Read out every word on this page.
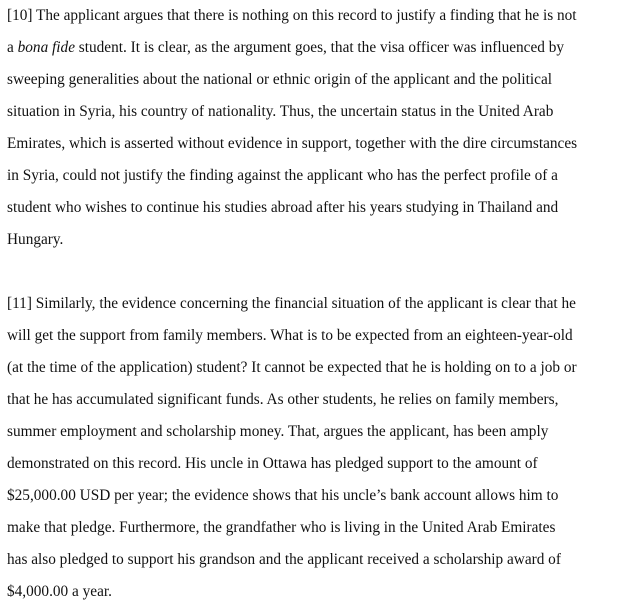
[10] The applicant argues that there is nothing on this record to justify a finding that he is not
a bona fide student. It is clear, as the argument goes, that the visa officer was influenced by
sweeping generalities about the national or ethnic origin of the applicant and the political
situation in Syria, his country of nationality. Thus, the uncertain status in the United Arab
Emirates, which is asserted without evidence in support, together with the dire circumstances
in Syria, could not justify the finding against the applicant who has the perfect profile of a
student who wishes to continue his studies abroad after his years studying in Thailand and
Hungary.
[11] Similarly, the evidence concerning the financial situation of the applicant is clear that he
will get the support from family members. What is to be expected from an eighteen-year-old
(at the time of the application) student? It cannot be expected that he is holding on to a job or
that he has accumulated significant funds. As other students, he relies on family members,
summer employment and scholarship money. That, argues the applicant, has been amply
demonstrated on this record. His uncle in Ottawa has pledged support to the amount of
$25,000.00 USD per year; the evidence shows that his uncle’s bank account allows him to
make that pledge. Furthermore, the grandfather who is living in the United Arab Emirates
has also pledged to support his grandson and the applicant received a scholarship award of
$4,000.00 a year.
